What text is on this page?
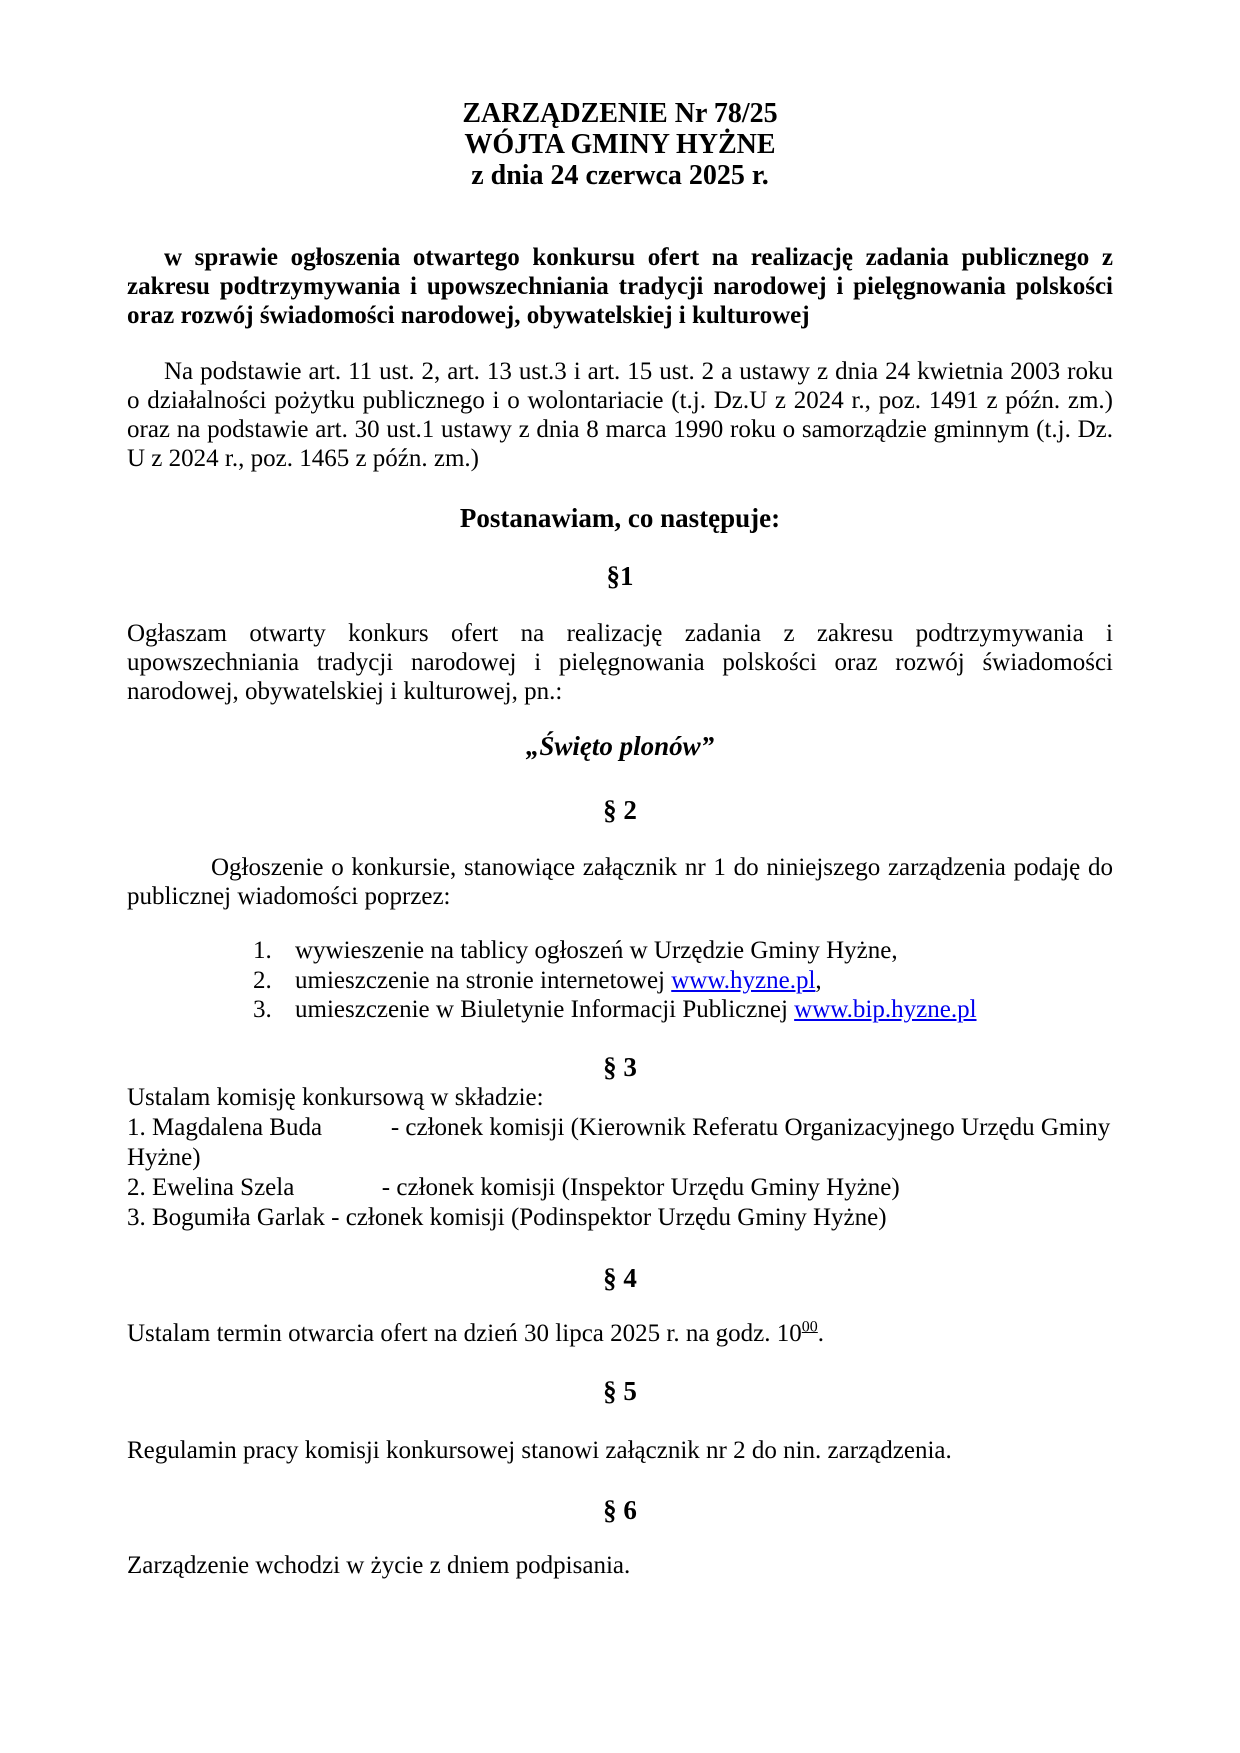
ZARZĄDZENIE Nr 78/25
WÓJTA GMINY HYŻNE
z dnia 24 czerwca 2025 r.

w sprawie ogłoszenia otwartego konkursu ofert na realizację zadania publicznego z zakresu podtrzymywania i upowszechniania tradycji narodowej i pielęgnowania polskości oraz rozwój świadomości narodowej, obywatelskiej i kulturowej

Na podstawie art. 11 ust. 2, art. 13 ust.3 i art. 15 ust. 2 a ustawy z dnia 24 kwietnia 2003 roku o działalności pożytku publicznego i o wolontariacie (t.j. Dz.U z 2024 r., poz. 1491 z późn. zm.) oraz na podstawie art. 30 ust.1 ustawy z dnia 8 marca 1990 roku o samorządzie gminnym (t.j. Dz. U z 2024 r., poz. 1465 z późn. zm.)

Postanawiam, co następuje:
§1

Ogłaszam otwarty konkurs ofert na realizację zadania z zakresu podtrzymywania i upowszechniania tradycji narodowej i pielęgnowania polskości oraz rozwój świadomości narodowej, obywatelskiej i kulturowej, pn.:

„Święto plonów”
§ 2

Ogłoszenie o konkursie, stanowiące załącznik nr 1 do niniejszego zarządzenia podaję do publicznej wiadomości poprzez:

1. wywieszenie na tablicy ogłoszeń w Urzędzie Gminy Hyżne,
2. umieszczenie na stronie internetowej www.hyzne.pl,
3. umieszczenie w Biuletynie Informacji Publicznej www.bip.hyzne.pl
§ 3
Ustalam komisję konkursową w składzie:
1. Magdalena Buda           - członek komisji (Kierownik Referatu Organizacyjnego Urzędu Gminy
Hyżne)
2. Ewelina Szela              - członek komisji (Inspektor Urzędu Gminy Hyżne)
3. Bogumiła Garlak - członek komisji (Podinspektor Urzędu Gminy Hyżne)
§ 4

Ustalam termin otwarcia ofert na dzień 30 lipca 2025 r. na godz. $10^{00}$.

§ 5

Regulamin pracy komisji konkursowej stanowi załącznik nr 2 do nin. zarządzenia.

§ 6

Zarządzenie wchodzi w życie z dniem podpisania.
